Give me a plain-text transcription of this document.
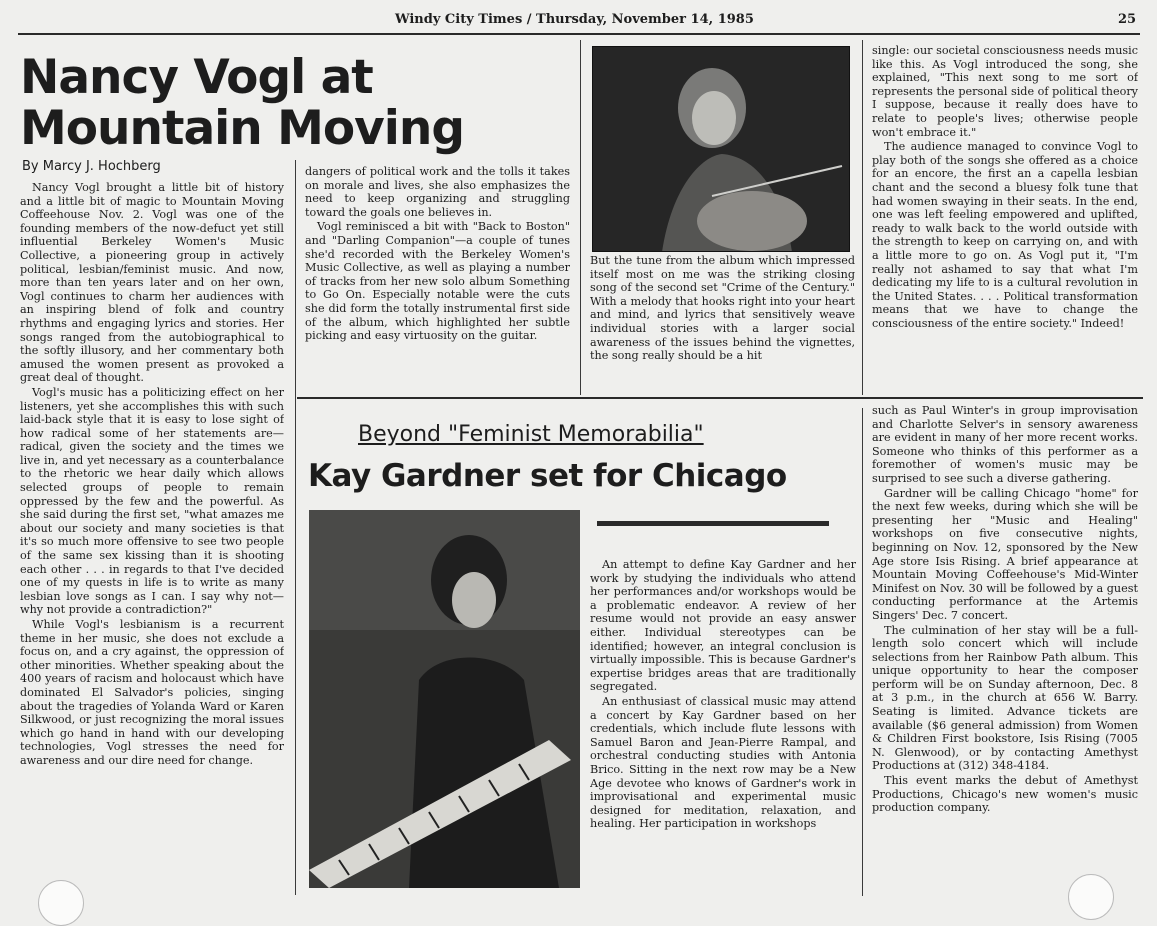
Windy City Times / Thursday, November 14, 1985	25
Nancy Vogl at
Mountain Moving
By Marcy J. Hochberg

Nancy Vogl brought a little bit of history and a little bit of magic to Mountain Moving Coffeehouse Nov. 2. Vogl was one of the founding members of the now-defuct yet still influential Berkeley Women's Music Collective, a pioneering group in actively political, lesbian/feminist music. And now, more than ten years later and on her own, Vogl continues to charm her audiences with an inspiring blend of folk and country rhythms and engaging lyrics and stories. Her songs ranged from the autobiographical to the softly illusory, and her commentary both amused the women present as provoked a great deal of thought.

Vogl's music has a politicizing effect on her listeners, yet she accomplishes this with such laid-back style that it is easy to lose sight of how radical some of her statements are—radical, given the society and the times we live in, and yet necessary as a counterbalance to the rhetoric we hear daily which allows selected groups of people to remain oppressed by the few and the powerful. As she said during the first set, "what amazes me about our society and many societies is that it's so much more offensive to see two people of the same sex kissing than it is shooting each other . . . in regards to that I've decided one of my quests in life is to write as many lesbian love songs as I can. I say why not—why not provide a contradiction?"

While Vogl's lesbianism is a recurrent theme in her music, she does not exclude a focus on, and a cry against, the oppression of other minorities. Whether speaking about the 400 years of racism and holocaust which have dominated El Salvador's policies, singing about the tragedies of Yolanda Ward or Karen Silkwood, or just recognizing the moral issues which go hand in hand with our developing technologies, Vogl stresses the need for awareness and our dire need for change.

dangers of political work and the tolls it takes on morale and lives, she also emphasizes the need to keep organizing and struggling toward the goals one believes in.

Vogl reminisced a bit with "Back to Boston" and "Darling Companion"—a couple of tunes she'd recorded with the Berkeley Women's Music Collective, as well as playing a number of tracks from her new solo album Something to Go On. Especially notable were the cuts she did form the totally instrumental first side of the album, which highlighted her subtle picking and easy virtuosity on the guitar.

But the tune from the album which impressed itself most on me was the striking closing song of the second set "Crime of the Century." With a melody that hooks right into your heart and mind, and lyrics that sensitively weave individual stories with a larger social awareness of the issues behind the vignettes, the song really should be a hit

single: our societal consciousness needs music like this. As Vogl introduced the song, she explained, "This next song to me sort of represents the personal side of political theory I suppose, because it really does have to relate to people's lives; otherwise people won't embrace it."

The audience managed to convince Vogl to play both of the songs she offered as a choice for an encore, the first an a capella lesbian chant and the second a bluesy folk tune that had women swaying in their seats. In the end, one was left feeling empowered and uplifted, ready to walk back to the world outside with the strength to keep on carrying on, and with a little more to go on. As Vogl put it, "I'm really not ashamed to say that what I'm dedicating my life to is a cultural revolution in the United States. . . . Political transformation means that we have to change the consciousness of the entire society." Indeed!

Beyond "Feminist Memorabilia"
Kay Gardner set for Chicago

An attempt to define Kay Gardner and her work by studying the individuals who attend her performances and/or workshops would be a problematic endeavor. A review of her resume would not provide an easy answer either. Individual stereotypes can be identified; however, an integral conclusion is virtually impossible. This is because Gardner's expertise bridges areas that are traditionally segregated.

An enthusiast of classical music may attend a concert by Kay Gardner based on her credentials, which include flute lessons with Samuel Baron and Jean-Pierre Rampal, and orchestral conducting studies with Antonia Brico. Sitting in the next row may be a New Age devotee who knows of Gardner's work in improvisational and experimental music designed for meditation, relaxation, and healing. Her participation in workshops

such as Paul Winter's in group improvisation and Charlotte Selver's in sensory awareness are evident in many of her more recent works. Someone who thinks of this performer as a foremother of women's music may be surprised to see such a diverse gathering.

Gardner will be calling Chicago "home" for the next few weeks, during which she will be presenting her "Music and Healing" workshops on five consecutive nights, beginning on Nov. 12, sponsored by the New Age store Isis Rising. A brief appearance at Mountain Moving Coffeehouse's Mid-Winter Minifest on Nov. 30 will be followed by a guest conducting performance at the Artemis Singers' Dec. 7 concert.

The culmination of her stay will be a full-length solo concert which will include selections from her Rainbow Path album. This unique opportunity to hear the composer perform will be on Sunday afternoon, Dec. 8 at 3 p.m., in the church at 656 W. Barry. Seating is limited. Advance tickets are available ($6 general admission) from Women & Children First bookstore, Isis Rising (7005 N. Glenwood), or by contacting Amethyst Productions at (312) 348-4184.

This event marks the debut of Amethyst Productions, Chicago's new women's music production company.
